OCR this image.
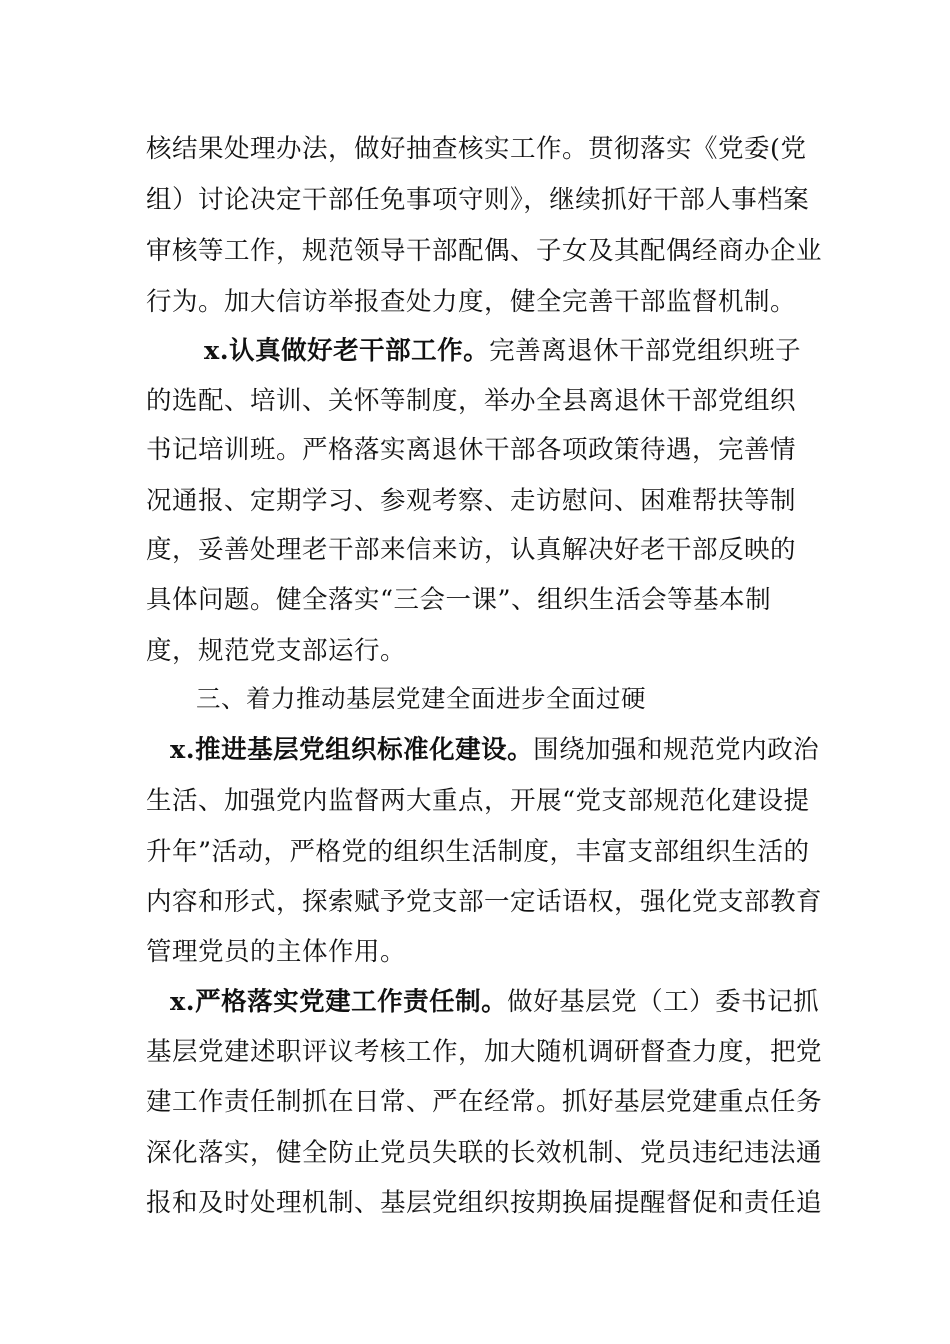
核结果处理办法，做好抽查核实工作。贯彻落实《党委(党
组）讨论决定干部任免事项守则》，继续抓好干部人事档案
审核等工作，规范领导干部配偶、子女及其配偶经商办企业
行为。加大信访举报查处力度，健全完善干部监督机制。
x.认真做好老干部工作。完善离退休干部党组织班子
的选配、培训、关怀等制度，举办全县离退休干部党组织
书记培训班。严格落实离退休干部各项政策待遇，完善情
况通报、定期学习、参观考察、走访慰问、困难帮扶等制
度，妥善处理老干部来信来访，认真解决好老干部反映的
具体问题。健全落实“三会一课”、组织生活会等基本制
度，规范党支部运行。
三、着力推动基层党建全面进步全面过硬
x.推进基层党组织标准化建设。围绕加强和规范党内政治
生活、加强党内监督两大重点，开展“党支部规范化建设提
升年”活动，严格党的组织生活制度，丰富支部组织生活的
内容和形式，探索赋予党支部一定话语权，强化党支部教育
管理党员的主体作用。
x.严格落实党建工作责任制。做好基层党（工）委书记抓
基层党建述职评议考核工作，加大随机调研督查力度，把党
建工作责任制抓在日常、严在经常。抓好基层党建重点任务
深化落实，健全防止党员失联的长效机制、党员违纪违法通
报和及时处理机制、基层党组织按期换届提醒督促和责任追
